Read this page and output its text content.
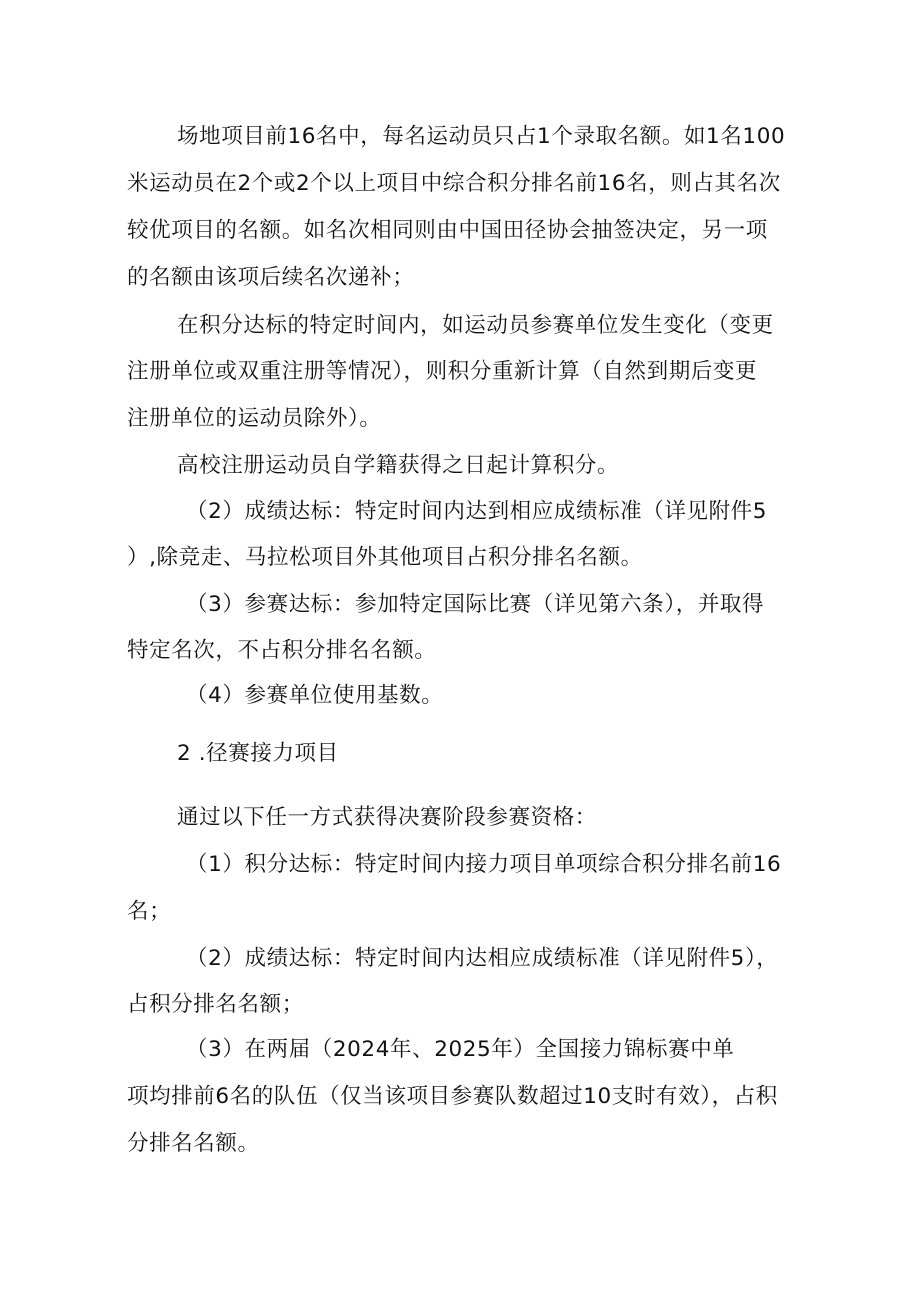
场地项目前16名中，每名运动员只占1个录取名额。如1名100
米运动员在2个或2个以上项目中综合积分排名前16名，则占其名次
较优项目的名额。如名次相同则由中国田径协会抽签决定，另一项
的名额由该项后续名次递补；
在积分达标的特定时间内，如运动员参赛单位发生变化（变更
注册单位或双重注册等情况），则积分重新计算（自然到期后变更
注册单位的运动员除外）。
高校注册运动员自学籍获得之日起计算积分。
（2）成绩达标：特定时间内达到相应成绩标准（详见附件5
）,除竞走、马拉松项目外其他项目占积分排名名额。
（3）参赛达标：参加特定国际比赛（详见第六条），并取得
特定名次，不占积分排名名额。
（4）参赛单位使用基数。
2 .径赛接力项目
通过以下任一方式获得决赛阶段参赛资格：
（1）积分达标：特定时间内接力项目单项综合积分排名前16
名；
（2）成绩达标：特定时间内达相应成绩标准（详见附件5），
占积分排名名额；
（3）在两届（2024年、2025年）全国接力锦标赛中单
项均排前6名的队伍（仅当该项目参赛队数超过10支时有效），占积
分排名名额。
